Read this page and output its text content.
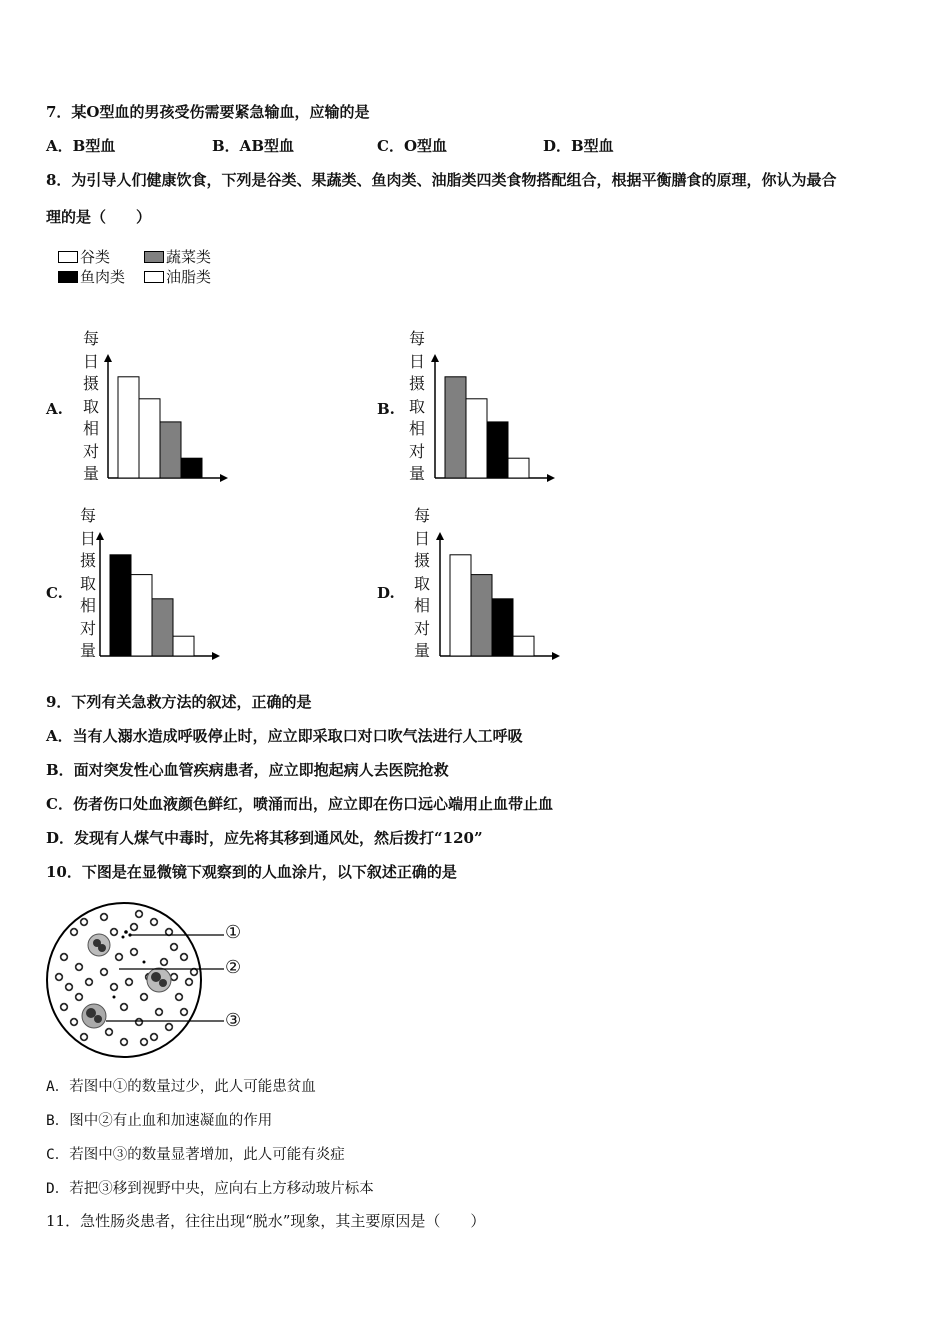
7．某O型血的男孩受伤需要紧急输血，应输的是
A．B型血	B．AB型血	C．O型血	D．B型血
8．为引导人们健康饮食，下列是谷类、果蔬类、鱼肉类、油脂类四类食物搭配组合，根据平衡膳食的原理，你认为最合
理的是（　　）
谷类	蔬菜类
鱼肉类	油脂类
A.
每
日
摄
取
相
对
量
B.
每
日
摄
取
相
对
量
C.
每
日
摄
取
相
对
量
D.
每
日
摄
取
相
对
量
9．下列有关急救方法的叙述，正确的是
A．当有人溺水造成呼吸停止时，应立即采取口对口吹气法进行人工呼吸
B．面对突发性心血管疾病患者，应立即抱起病人去医院抢救
C．伤者伤口处血液颜色鲜红，喷涌而出，应立即在伤口远心端用止血带止血
D．发现有人煤气中毒时，应先将其移到通风处，然后拨打“120”
10．下图是在显微镜下观察到的人血涂片，以下叙述正确的是
①
②
③
A．若图中①的数量过少，此人可能患贫血
B．图中②有止血和加速凝血的作用
C．若图中③的数量显著增加，此人可能有炎症
D．若把③移到视野中央，应向右上方移动玻片标本
11．急性肠炎患者，往往出现“脱水”现象，其主要原因是（　　）
